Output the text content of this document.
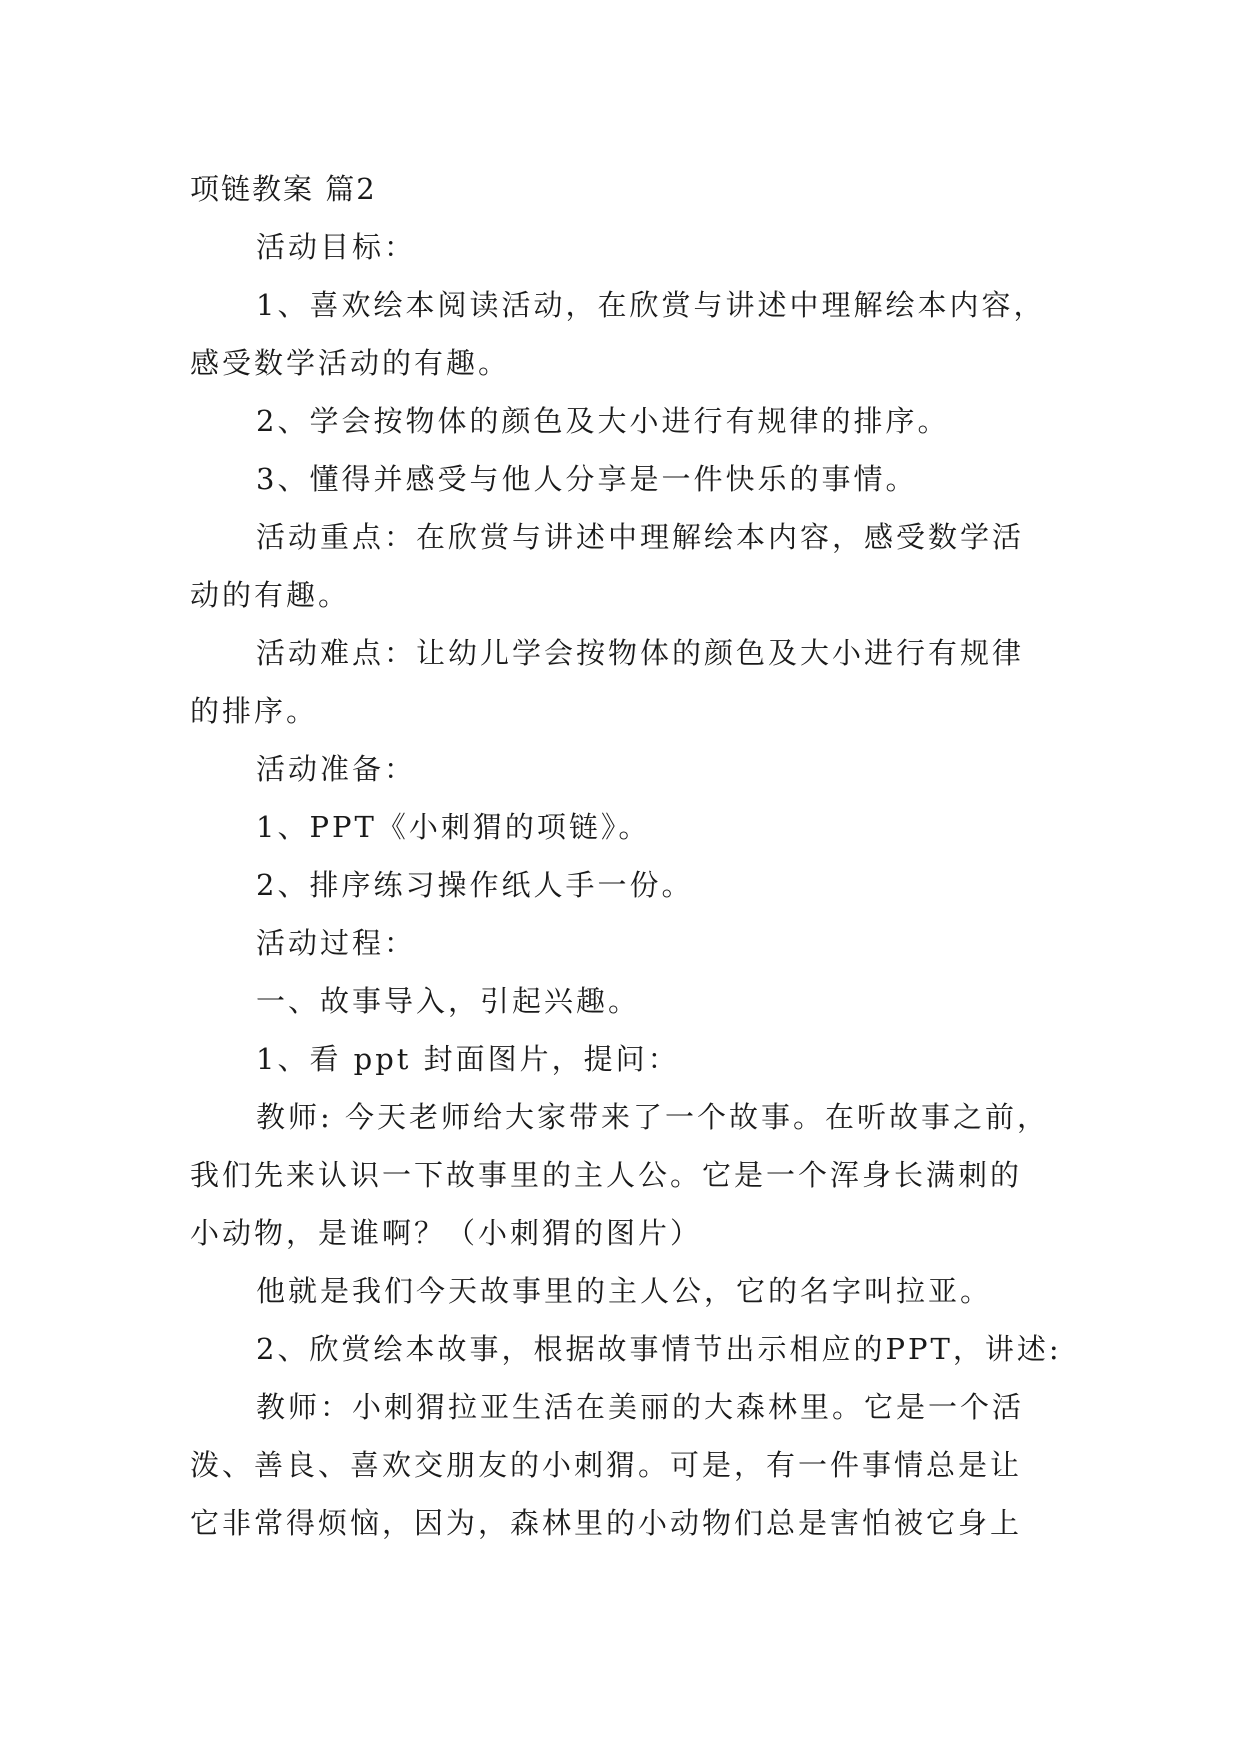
项链教案 篇2

活动目标：

1、喜欢绘本阅读活动，在欣赏与讲述中理解绘本内容，

感受数学活动的有趣。

2、学会按物体的颜色及大小进行有规律的排序。

3、懂得并感受与他人分享是一件快乐的事情。

活动重点：在欣赏与讲述中理解绘本内容，感受数学活

动的有趣。

活动难点：让幼儿学会按物体的颜色及大小进行有规律

的排序。

活动准备：

1、PPT《小刺猬的项链》。

2、排序练习操作纸人手一份。

活动过程：

一、故事导入，引起兴趣。

1、看 ppt 封面图片，提问：

教师: 今天老师给大家带来了一个故事。在听故事之前，

我们先来认识一下故事里的主人公。它是一个浑身长满刺的

小动物，是谁啊？（小刺猬的图片）

他就是我们今天故事里的主人公，它的名字叫拉亚。

2、欣赏绘本故事，根据故事情节出示相应的PPT，讲述:

教师：小刺猬拉亚生活在美丽的大森林里。它是一个活

泼、善良、喜欢交朋友的小刺猬。可是，有一件事情总是让

它非常得烦恼，因为，森林里的小动物们总是害怕被它身上
